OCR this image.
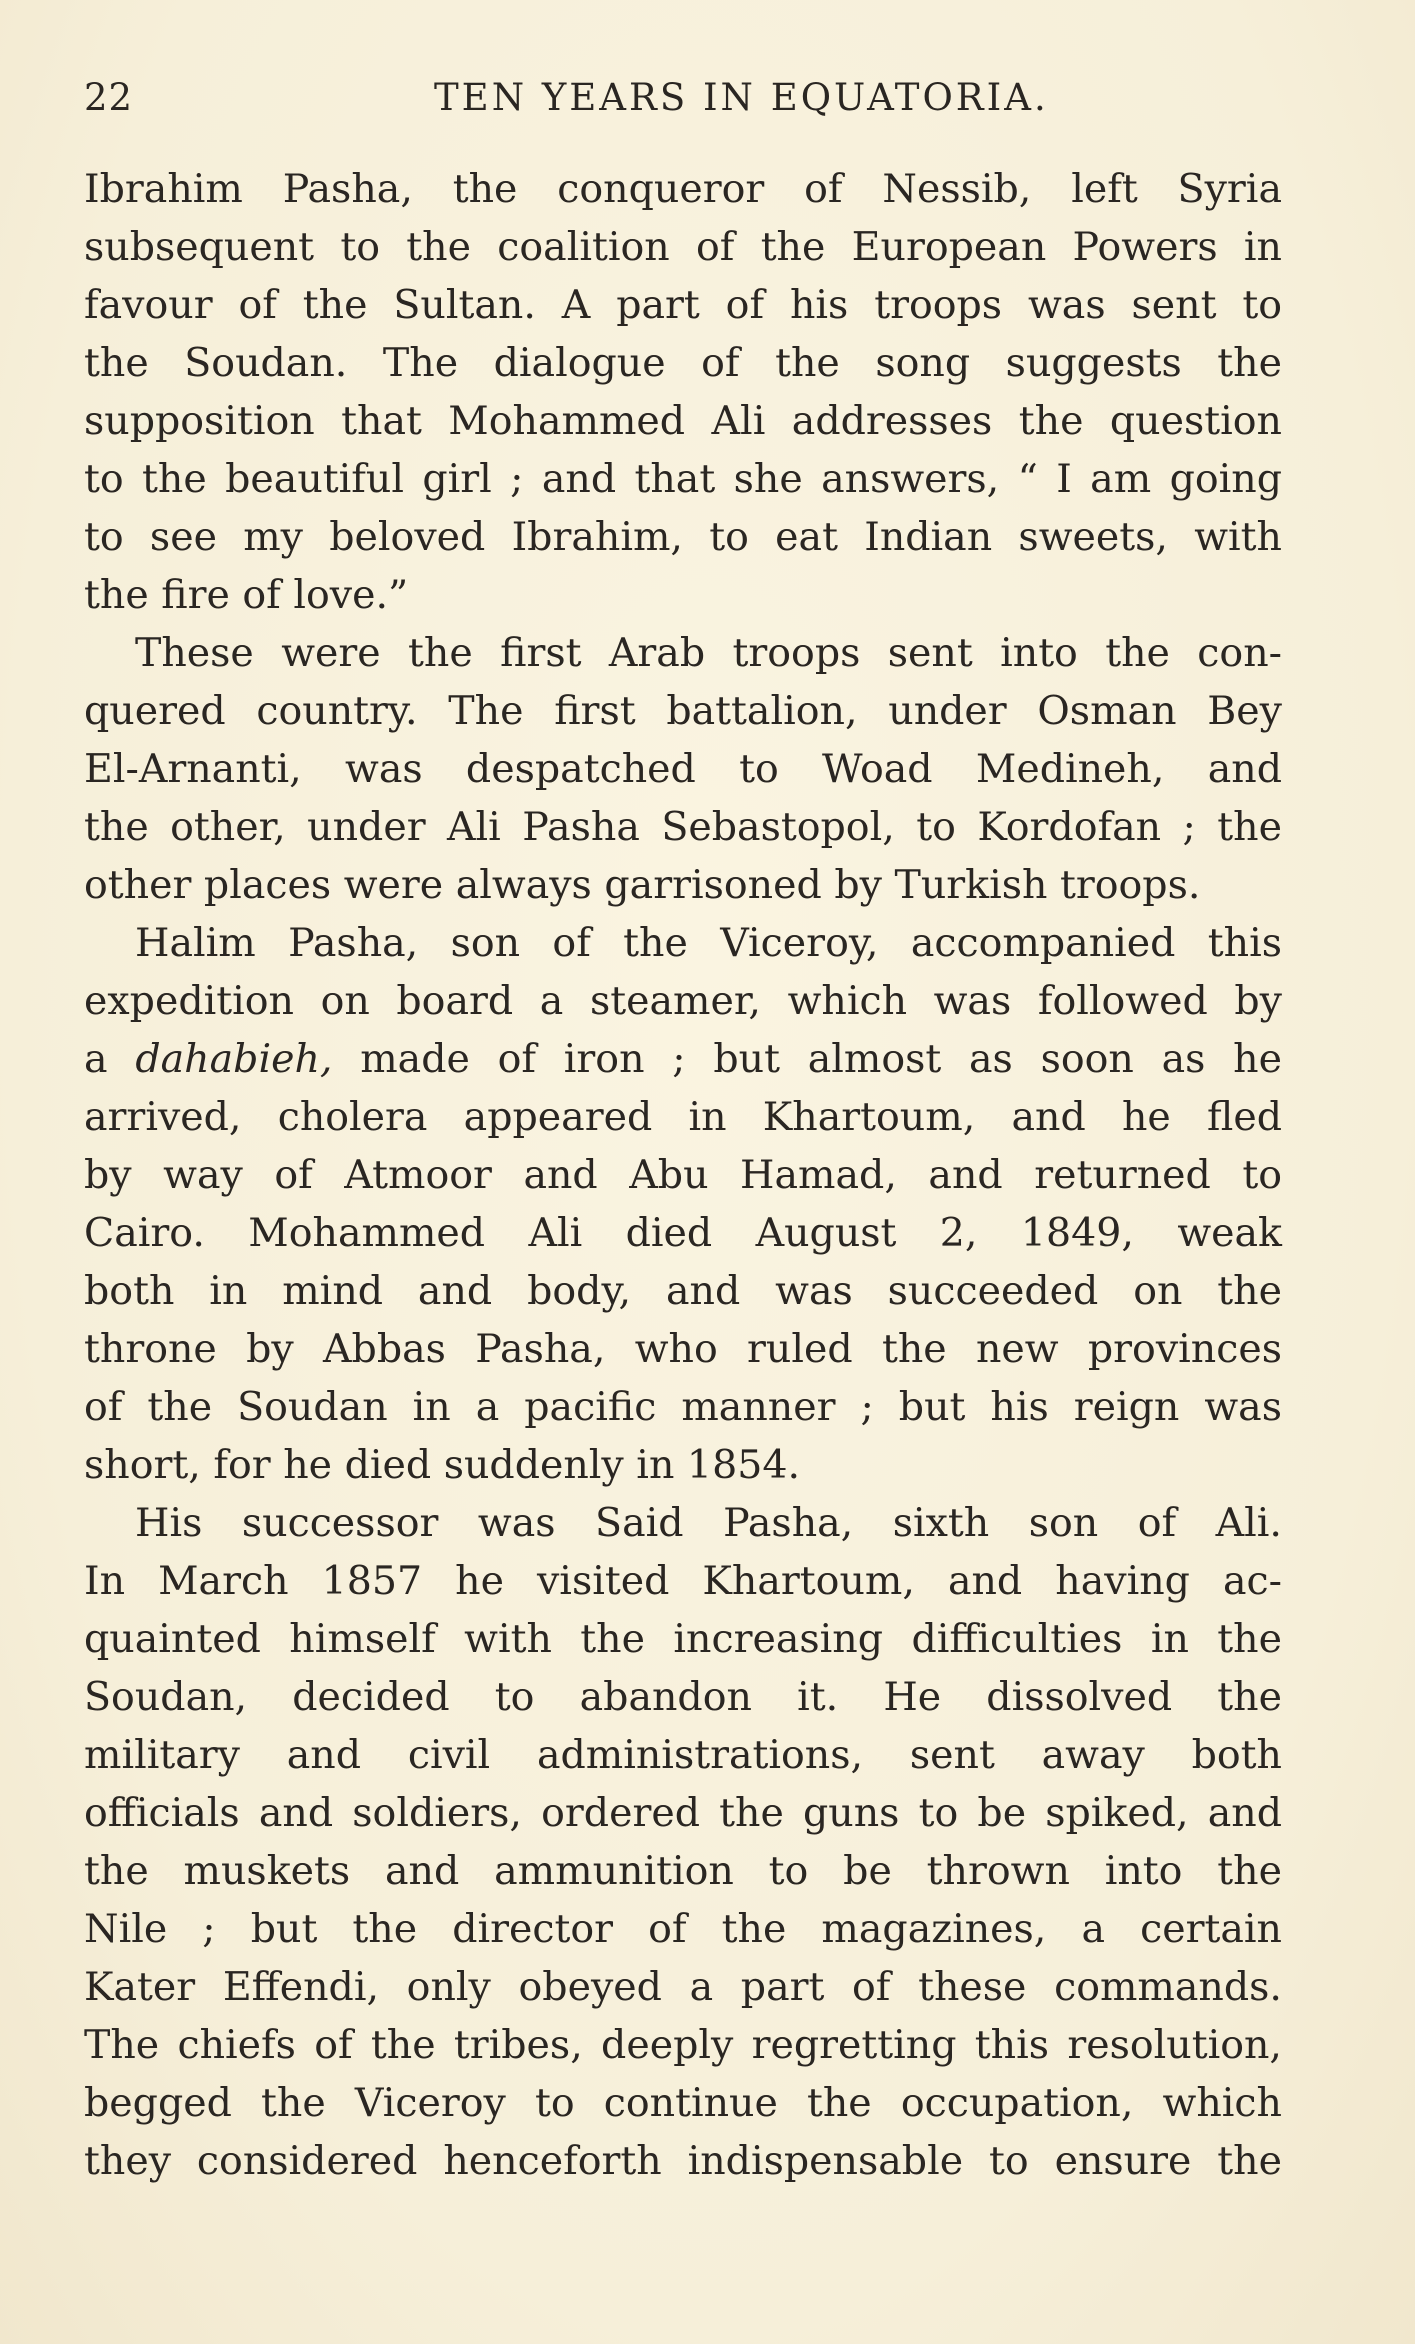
22	TEN YEARS IN EQUATORIA.
Ibrahim Pasha, the conqueror of Nessib, left Syria
subsequent to the coalition of the European Powers in
favour of the Sultan. A part of his troops was sent to
the Soudan. The dialogue of the song suggests the
supposition that Mohammed Ali addresses the question
to the beautiful girl ; and that she answers, “ I am going
to see my beloved Ibrahim, to eat Indian sweets, with
the fire of love.”
These were the first Arab troops sent into the con-
quered country. The first battalion, under Osman Bey
El-Arnanti, was despatched to Woad Medineh, and
the other, under Ali Pasha Sebastopol, to Kordofan ; the
other places were always garrisoned by Turkish troops.
Halim Pasha, son of the Viceroy, accompanied this
expedition on board a steamer, which was followed by
a dahabieh, made of iron ; but almost as soon as he
arrived, cholera appeared in Khartoum, and he fled
by way of Atmoor and Abu Hamad, and returned to
Cairo. Mohammed Ali died August 2, 1849, weak
both in mind and body, and was succeeded on the
throne by Abbas Pasha, who ruled the new provinces
of the Soudan in a pacific manner ; but his reign was
short, for he died suddenly in 1854.
His successor was Said Pasha, sixth son of Ali.
In March 1857 he visited Khartoum, and having ac-
quainted himself with the increasing difficulties in the
Soudan, decided to abandon it. He dissolved the
military and civil administrations, sent away both
officials and soldiers, ordered the guns to be spiked, and
the muskets and ammunition to be thrown into the
Nile ; but the director of the magazines, a certain
Kater Effendi, only obeyed a part of these commands.
The chiefs of the tribes, deeply regretting this resolution,
begged the Viceroy to continue the occupation, which
they considered henceforth indispensable to ensure the
